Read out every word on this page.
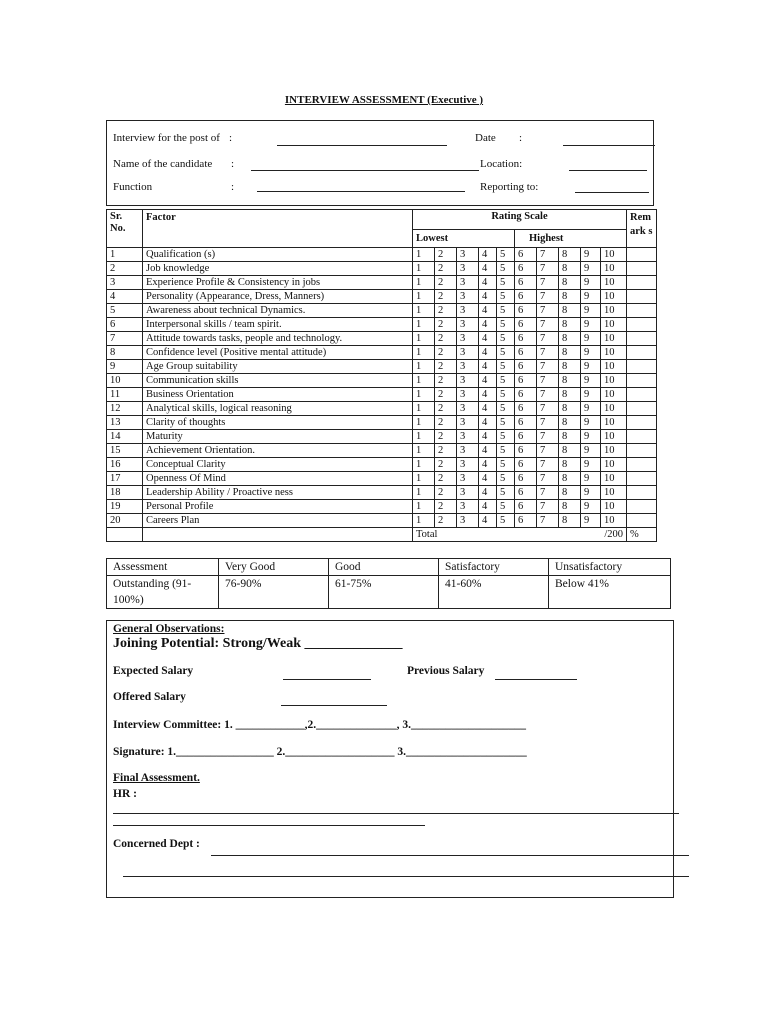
INTERVIEW ASSESSMENT (Executive )
Interview for the post of :	Date :
Name of the candidate :	Location:
Function	:	Reporting to:
Sr. No.	Factor	Rating Scale										Remark s
		Lowest					Highest					
1	Qualification (s)	1	2	3	4	5	6	7	8	9	10	
2	Job knowledge	1	2	3	4	5	6	7	8	9	10	
3	Experience Profile & Consistency in jobs	1	2	3	4	5	6	7	8	9	10	
4	Personality (Appearance, Dress, Manners)	1	2	3	4	5	6	7	8	9	10	
5	Awareness about technical Dynamics.	1	2	3	4	5	6	7	8	9	10	
6	Interpersonal skills / team spirit.	1	2	3	4	5	6	7	8	9	10	
7	Attitude towards tasks, people and technology.	1	2	3	4	5	6	7	8	9	10	
8	Confidence level (Positive mental attitude)	1	2	3	4	5	6	7	8	9	10	
9	Age Group suitability	1	2	3	4	5	6	7	8	9	10	
10	Communication skills	1	2	3	4	5	6	7	8	9	10	
11	Business Orientation	1	2	3	4	5	6	7	8	9	10	
12	Analytical skills, logical reasoning	1	2	3	4	5	6	7	8	9	10	
13	Clarity of thoughts	1	2	3	4	5	6	7	8	9	10	
14	Maturity	1	2	3	4	5	6	7	8	9	10	
15	Achievement Orientation.	1	2	3	4	5	6	7	8	9	10	
16	Conceptual Clarity	1	2	3	4	5	6	7	8	9	10	
17	Openness Of Mind	1	2	3	4	5	6	7	8	9	10	
18	Leadership Ability / Proactive ness	1	2	3	4	5	6	7	8	9	10	
19	Personal Profile	1	2	3	4	5	6	7	8	9	10	
20	Careers Plan	1	2	3	4	5	6	7	8	9	10	
		Total /200										%
Assessment	Very Good	Good	Satisfactory	Unsatisfactory
Outstanding (91-100%)	76-90%	61-75%	41-60%	Below 41%
General Observations:
Joining Potential: Strong/Weak ______________
Expected Salary	Previous Salary
Offered Salary
Interview Committee: 1. ____________,2.______________, 3.____________________
Signature: 1._________________ 2.___________________ 3._____________________
Final Assessment.
HR :
Concerned Dept :
